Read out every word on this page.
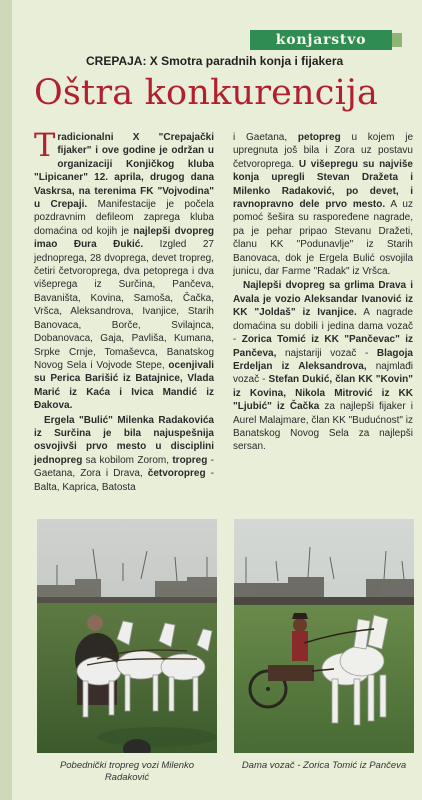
konjarstvo
CREPAJA: X Smotra paradnih konja i fijakera
Oštra konkurencija

Tradicionalni X "Crepajački fijaker" i ove godine je održan u organizaciji Konjičkog kluba "Lipicaner" 12. aprila, drugog dana Vaskrsa, na terenima FK "Vojvodina" u Crepaji. Manifestacije je počela pozdravnim defileom zaprega kluba domaćina od kojih je najlepši dvopreg imao Đura Đukić. Izgled 27 jednoprega, 28 dvoprega, devet tropreg, četiri četvoroprega, dva petoprega i dva višeprega iz Surčina, Pančeva, Bavaništa, Kovina, Samoša, Čačka, Vršca, Aleksandrova, Ivanjice, Starih Banovaca, Borče, Svilajnca, Dobanovaca, Gaja, Pavliša, Kumana, Srpke Crnje, Tomaševca, Banatskog Novog Sela i Vojvode Stepe, ocenjivali su Perica Barišić iz Batajnice, Vlada Marić iz Kaća i Ivica Mandić iz Đakova.

Ergela "Bulić" Milenka Radakovića iz Surčina je bila najuspešnija osvojivši prvo mesto u disciplini jednopreg sa kobilom Zorom, tropreg - Gaetana, Zora i Drava, četvoropreg - Balta, Kaprica, Batosta

i Gaetana, petopreg u kojem je upregnuta još bila i Zora uz postavu četvoroprega. U višepregu su najviše konja upregli Stevan Dražeta i Milenko Radaković, po devet, i ravnopravno dele prvo mesto. A uz pomoć šešira su raspoređene nagrade, pa je pehar pripao Stevanu Dražeti, članu KK "Podunavlje" iz Starih Banovaca, dok je Ergela Bulić osvojila junicu, dar Farme "Radak" iz Vršca.

Najlepši dvopreg sa grlima Drava i Avala je vozio Aleksandar Ivanović iz KK "Joldaš" iz Ivanjice. A nagrade domaćina su dobili i jedina dama vozač - Zorica Tomić iz KK "Pančevac" iz Pančeva, najstariji vozač - Blagoja Erdeljan iz Aleksandrova, najmlađi vozač - Stefan Dukić, član KK "Kovin" iz Kovina, Nikola Mitrović iz KK "Ljubić" iz Čačka za najlepši fijaker i Aurel Malajmare, član KK "Budućnost" iz Banatskog Novog Sela za najlepši sersan.

Pobednički tropreg vozi Milenko Radaković
Dama vozač - Zorica Tomić iz Pančeva
